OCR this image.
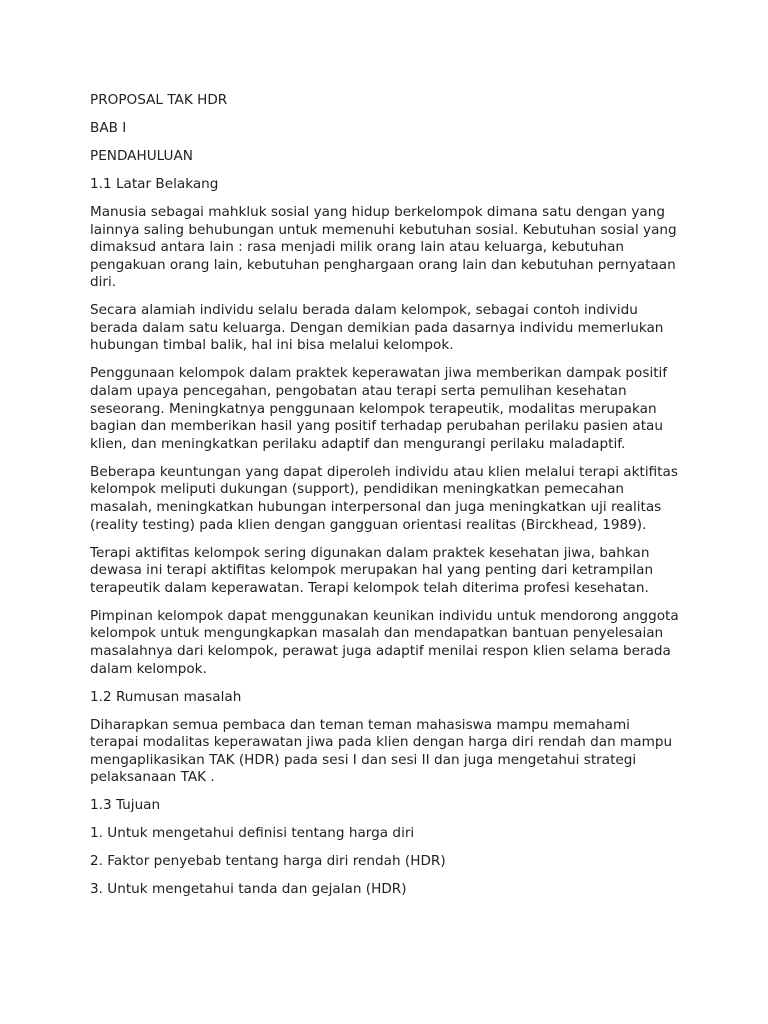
PROPOSAL TAK HDR

BAB I

PENDAHULUAN

1.1 Latar Belakang

Manusia sebagai mahkluk sosial yang hidup berkelompok dimana satu dengan yang lainnya saling behubungan untuk memenuhi kebutuhan sosial. Kebutuhan sosial yang dimaksud antara lain : rasa menjadi milik orang lain atau keluarga, kebutuhan pengakuan orang lain, kebutuhan penghargaan orang lain dan kebutuhan pernyataan diri.

Secara alamiah individu selalu berada dalam kelompok, sebagai contoh individu berada dalam satu keluarga. Dengan demikian pada dasarnya individu memerlukan hubungan timbal balik, hal ini bisa melalui kelompok.

Penggunaan kelompok dalam praktek keperawatan jiwa memberikan dampak positif dalam upaya pencegahan, pengobatan atau terapi serta pemulihan kesehatan seseorang. Meningkatnya penggunaan kelompok terapeutik, modalitas merupakan bagian dan memberikan hasil yang positif terhadap perubahan perilaku pasien atau klien, dan meningkatkan perilaku adaptif dan mengurangi perilaku maladaptif.

Beberapa keuntungan yang dapat diperoleh individu atau klien melalui terapi aktifitas kelompok meliputi dukungan (support), pendidikan meningkatkan pemecahan masalah, meningkatkan hubungan interpersonal dan juga meningkatkan uji realitas (reality testing) pada klien dengan gangguan orientasi realitas (Birckhead, 1989).

Terapi aktifitas kelompok sering digunakan dalam praktek kesehatan jiwa, bahkan dewasa ini terapi aktifitas kelompok merupakan hal yang penting dari ketrampilan terapeutik dalam keperawatan. Terapi kelompok telah diterima profesi kesehatan.

Pimpinan kelompok dapat menggunakan keunikan individu untuk mendorong anggota kelompok untuk mengungkapkan masalah dan mendapatkan bantuan penyelesaian masalahnya dari kelompok, perawat juga adaptif menilai respon klien selama berada dalam kelompok.

1.2 Rumusan masalah

Diharapkan semua pembaca dan teman teman mahasiswa mampu memahami terapai modalitas keperawatan jiwa pada klien dengan harga diri rendah dan mampu mengaplikasikan TAK (HDR) pada sesi I dan sesi II dan juga mengetahui strategi pelaksanaan TAK .

1.3 Tujuan

1. Untuk mengetahui definisi tentang harga diri

2. Faktor penyebab tentang harga diri rendah (HDR)

3. Untuk mengetahui tanda dan gejalan (HDR)
